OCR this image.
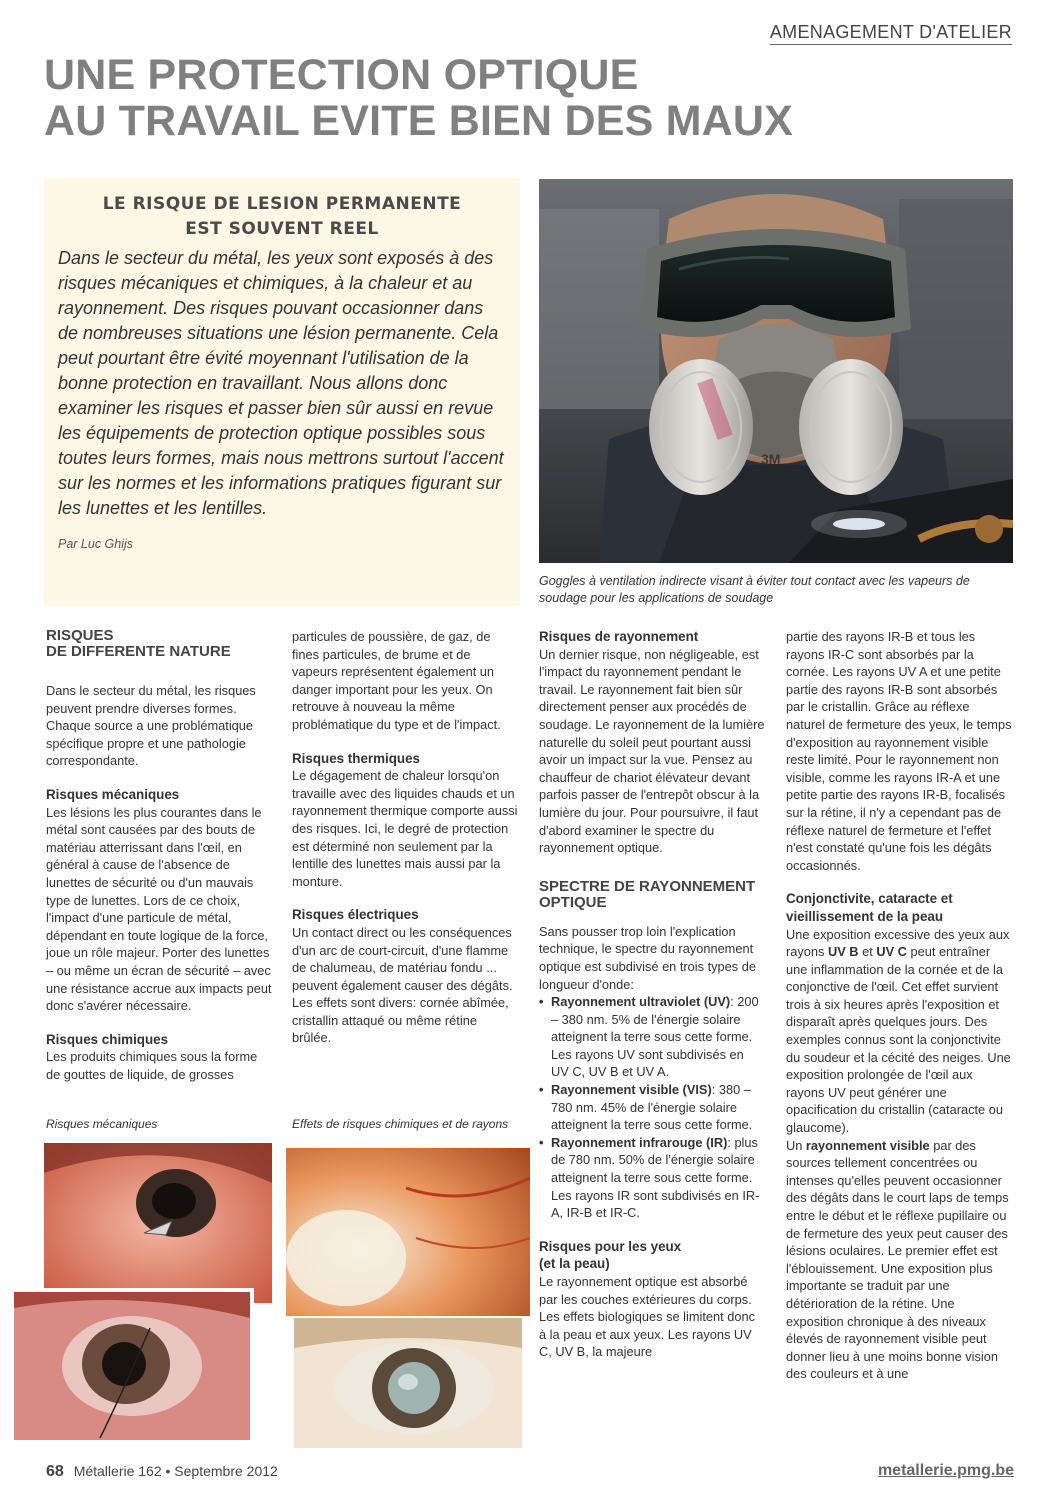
AMENAGEMENT D'ATELIER
UNE PROTECTION OPTIQUE
AU TRAVAIL EVITE BIEN DES MAUX
LE RISQUE DE LESION PERMANENTE
EST SOUVENT REEL

Dans le secteur du métal, les yeux sont exposés à des risques mécaniques et chimiques, à la chaleur et au rayonnement. Des risques pouvant occasionner dans de nombreuses situations une lésion permanente. Cela peut pourtant être évité moyennant l'utilisation de la bonne protection en travaillant. Nous allons donc examiner les risques et passer bien sûr aussi en revue les équipements de protection optique possibles sous toutes leurs formes, mais nous mettrons surtout l'accent sur les normes et les informations pratiques figurant sur les lunettes et les lentilles.

Par Luc Ghijs

3M

Goggles à ventilation indirecte visant à éviter tout contact avec les vapeurs de soudage pour les applications de soudage

RISQUES
DE DIFFERENTE NATURE

Dans le secteur du métal, les risques peuvent prendre diverses formes. Chaque source a une problématique spécifique propre et une pathologie correspondante.

Risques mécaniques

Les lésions les plus courantes dans le métal sont causées par des bouts de matériau atterrissant dans l'œil, en général à cause de l'absence de lunettes de sécurité ou d'un mauvais type de lunettes. Lors de ce choix, l'impact d'une particule de métal, dépendant en toute logique de la force, joue un rôle majeur. Porter des lunettes – ou même un écran de sécurité – avec une résistance accrue aux impacts peut donc s'avérer nécessaire.

Risques chimiques

Les produits chimiques sous la forme de gouttes de liquide, de grosses

particules de poussière, de gaz, de fines particules, de brume et de vapeurs représentent également un danger important pour les yeux. On retrouve à nouveau la même problématique du type et de l'impact.

Risques thermiques

Le dégagement de chaleur lorsqu'on travaille avec des liquides chauds et un rayonnement thermique comporte aussi des risques. Ici, le degré de protection est déterminé non seulement par la lentille des lunettes mais aussi par la monture.

Risques électriques

Un contact direct ou les conséquences d'un arc de court-circuit, d'une flamme de chalumeau, de matériau fondu ... peuvent également causer des dégâts.

Les effets sont divers: cornée abîmée, cristallin attaqué ou même rétine brûlée.

Risques de rayonnement

Un dernier risque, non négligeable, est l'impact du rayonnement pendant le travail. Le rayonnement fait bien sûr directement penser aux procédés de soudage. Le rayonnement de la lumière naturelle du soleil peut pourtant aussi avoir un impact sur la vue. Pensez au chauffeur de chariot élévateur devant parfois passer de l'entrepôt obscur à la lumière du jour. Pour poursuivre, il faut d'abord examiner le spectre du rayonnement optique.

SPECTRE DE RAYONNEMENT
OPTIQUE

Sans pousser trop loin l'explication technique, le spectre du rayonnement optique est subdivisé en trois types de longueur d'onde:

• Rayonnement ultraviolet (UV): 200 – 380 nm. 5% de l'énergie solaire atteignent la terre sous cette forme. Les rayons UV sont subdivisés en UV C, UV B et UV A.
• Rayonnement visible (VIS): 380 – 780 nm. 45% de l'énergie solaire atteignent la terre sous cette forme.
• Rayonnement infrarouge (IR): plus de 780 nm. 50% de l'énergie solaire atteignent la terre sous cette forme. Les rayons IR sont subdivisés en IR-A, IR-B et IR-C.
Risques pour les yeux
(et la peau)

Le rayonnement optique est absorbé par les couches extérieures du corps. Les effets biologiques se limitent donc à la peau et aux yeux. Les rayons UV C, UV B, la majeure

partie des rayons IR-B et tous les rayons IR-C sont absorbés par la cornée. Les rayons UV A et une petite partie des rayons IR-B sont absorbés par le cristallin. Grâce au réflexe naturel de fermeture des yeux, le temps d'exposition au rayonnement visible reste limité. Pour le rayonnement non visible, comme les rayons IR-A et une petite partie des rayons IR-B, focalisés sur la rétine, il n'y a cependant pas de réflexe naturel de fermeture et l'effet n'est constaté qu'une fois les dégâts occasionnés.

Conjonctivite, cataracte et
vieillissement de la peau

Une exposition excessive des yeux aux rayons UV B et UV C peut entraîner une inflammation de la cornée et de la conjonctive de l'œil. Cet effet survient trois à six heures après l'exposition et disparaît après quelques jours. Des exemples connus sont la conjonctivite du soudeur et la cécité des neiges. Une exposition prolongée de l'œil aux rayons UV peut générer une opacification du cristallin (cataracte ou glaucome).

Un rayonnement visible par des sources tellement concentrées ou intenses qu'elles peuvent occasionner des dégâts dans le court laps de temps entre le début et le réflexe pupillaire ou de fermeture des yeux peut causer des lésions oculaires. Le premier effet est l'éblouissement. Une exposition plus importante se traduit par une détérioration de la rétine. Une exposition chronique à des niveaux élevés de rayonnement visible peut donner lieu à une moins bonne vision des couleurs et à une

Risques mécaniques	Effets de risques chimiques et de rayons

68 Métallerie 162 • Septembre 2012	metallerie.pmg.be
